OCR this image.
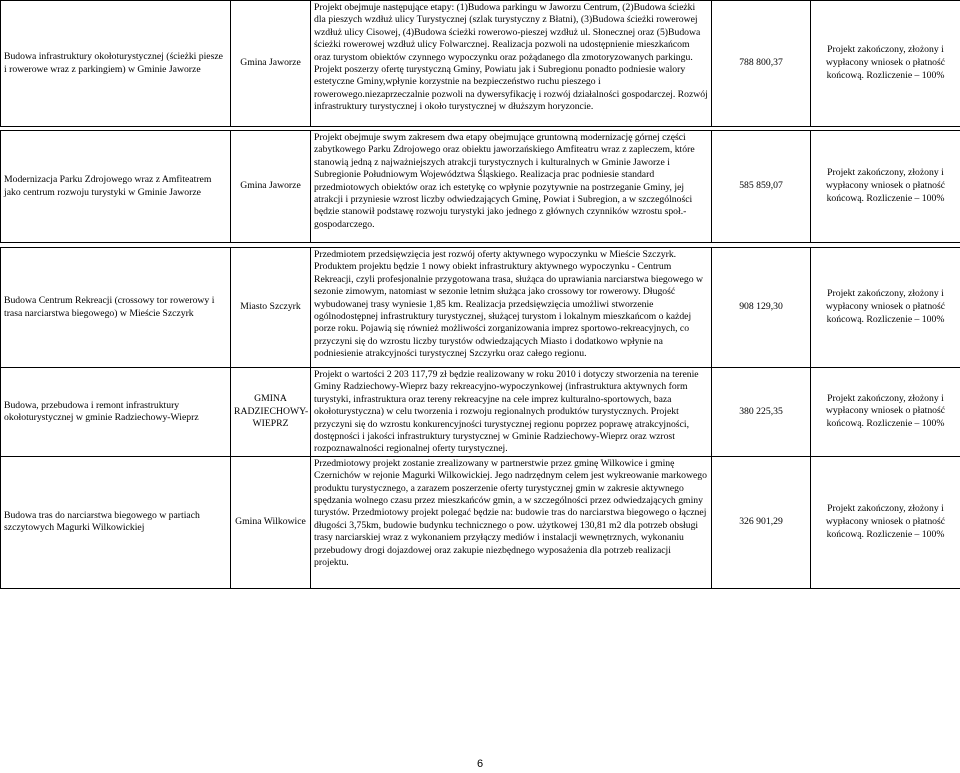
Budowa infrastruktury okołoturystycznej (ścieżki piesze i rowerowe wraz z parkingiem) w Gminie Jaworze	Gmina Jaworze	Projekt obejmuje następujące etapy: (1)Budowa parkingu w Jaworzu Centrum, (2)Budowa ścieżki dla pieszych wzdłuż ulicy Turystycznej (szlak turystyczny z Błatni), (3)Budowa ścieżki rowerowej wzdłuż ulicy Cisowej, (4)Budowa ścieżki rowerowo-pieszej wzdłuż ul. Słonecznej oraz (5)Budowa ścieżki rowerowej wzdłuż ulicy Folwarcznej. Realizacja pozwoli na udostępnienie mieszkańcom oraz turystom obiektów czynnego wypoczynku oraz pożądanego dla zmotoryzowanych parkingu. Projekt poszerzy ofertę turystyczną Gminy, Powiatu jak i Subregionu ponadto podniesie walory estetyczne Gminy,wpłynie korzystnie na bezpieczeństwo ruchu pieszego i rowerowego.niezaprzeczalnie pozwoli na dywersyfikację i rozwój działalności gospodarczej. Rozwój infrastruktury turystycznej i około turystycznej w dłuższym horyzoncie.	788 800,37	Projekt zakończony, złożony i wypłacony wniosek o płatność końcową. Rozliczenie – 100%

Modernizacja Parku Zdrojowego wraz z Amfiteatrem jako centrum rozwoju turystyki w Gminie Jaworze	Gmina Jaworze	Projekt obejmuje swym zakresem dwa etapy obejmujące gruntowną modernizację górnej części zabytkowego Parku Zdrojowego oraz obiektu jaworzańskiego Amfiteatru wraz z zapleczem, które stanowią jedną z najważniejszych atrakcji turystycznych i kulturalnych w Gminie Jaworze i Subregionie Południowym Województwa Śląskiego. Realizacja prac podniesie standard przedmiotowych obiektów oraz ich estetykę co wpłynie pozytywnie na postrzeganie Gminy, jej atrakcji i przyniesie wzrost liczby odwiedzających Gminę, Powiat i Subregion, a w szczególności będzie stanowił podstawę rozwoju turystyki jako jednego z głównych czynników wzrostu społ.-gospodarczego.	585 859,07	Projekt zakończony, złożony i wypłacony wniosek o płatność końcową. Rozliczenie – 100%

Budowa Centrum Rekreacji (crossowy tor rowerowy i trasa narciarstwa biegowego) w Mieście Szczyrk	Miasto Szczyrk	Przedmiotem przedsięwzięcia jest rozwój oferty aktywnego wypoczynku w Mieście Szczyrk. Produktem projektu będzie 1 nowy obiekt infrastruktury aktywnego wypoczynku - Centrum Rekreacji, czyli profesjonalnie przygotowana trasa, służąca do uprawiania narciarstwa biegowego w sezonie zimowym, natomiast w sezonie letnim służąca jako crossowy tor rowerowy. Długość wybudowanej trasy wyniesie 1,85 km. Realizacja przedsięwzięcia umożliwi stworzenie ogólnodostępnej infrastruktury turystycznej, służącej turystom i lokalnym mieszkańcom o każdej porze roku. Pojawią się również możliwości zorganizowania imprez sportowo-rekreacyjnych, co przyczyni się do wzrostu liczby turystów odwiedzających Miasto i dodatkowo wpłynie na podniesienie atrakcyjności turystycznej Szczyrku oraz całego regionu.	908 129,30	Projekt zakończony, złożony i wypłacony wniosek o płatność końcową. Rozliczenie – 100%
Budowa, przebudowa i remont infrastruktury okołoturystycznej w gminie Radziechowy-Wieprz	GMINA RADZIECHOWY-WIEPRZ	Projekt o wartości 2 203 117,79 zł będzie realizowany w roku 2010 i dotyczy stworzenia na terenie Gminy Radziechowy-Wieprz bazy rekreacyjno-wypoczynkowej (infrastruktura aktywnych form turystyki, infrastruktura oraz tereny rekreacyjne na cele imprez kulturalno-sportowych, baza okołoturystyczna) w celu tworzenia i rozwoju regionalnych produktów turystycznych. Projekt przyczyni się do wzrostu konkurencyjności turystycznej regionu poprzez poprawę atrakcyjności, dostępności i jakości infrastruktury turystycznej w Gminie Radziechowy-Wieprz oraz wzrost rozpoznawalności regionalnej oferty turystycznej.	380 225,35	Projekt zakończony, złożony i wypłacony wniosek o płatność końcową. Rozliczenie – 100%
Budowa tras do narciarstwa biegowego w partiach szczytowych Magurki Wilkowickiej	Gmina Wilkowice	Przedmiotowy projekt zostanie zrealizowany w partnerstwie przez gminę Wilkowice i gminę Czernichów w rejonie Magurki Wilkowickiej. Jego nadrzędnym celem jest wykreowanie markowego produktu turystycznego, a zarazem poszerzenie oferty turystycznej gmin w zakresie aktywnego spędzania wolnego czasu przez mieszkańców gmin, a w szczególności przez odwiedzających gminy turystów. Przedmiotowy projekt polegać będzie na: budowie tras do narciarstwa biegowego o łącznej długości 3,75km, budowie budynku technicznego o pow. użytkowej 130,81 m2 dla potrzeb obsługi trasy narciarskiej wraz z wykonaniem przyłączy mediów i instalacji wewnętrznych, wykonaniu przebudowy drogi dojazdowej oraz zakupie niezbędnego wyposażenia dla potrzeb realizacji projektu.	326 901,29	Projekt zakończony, złożony i wypłacony wniosek o płatność końcową. Rozliczenie – 100%
6
